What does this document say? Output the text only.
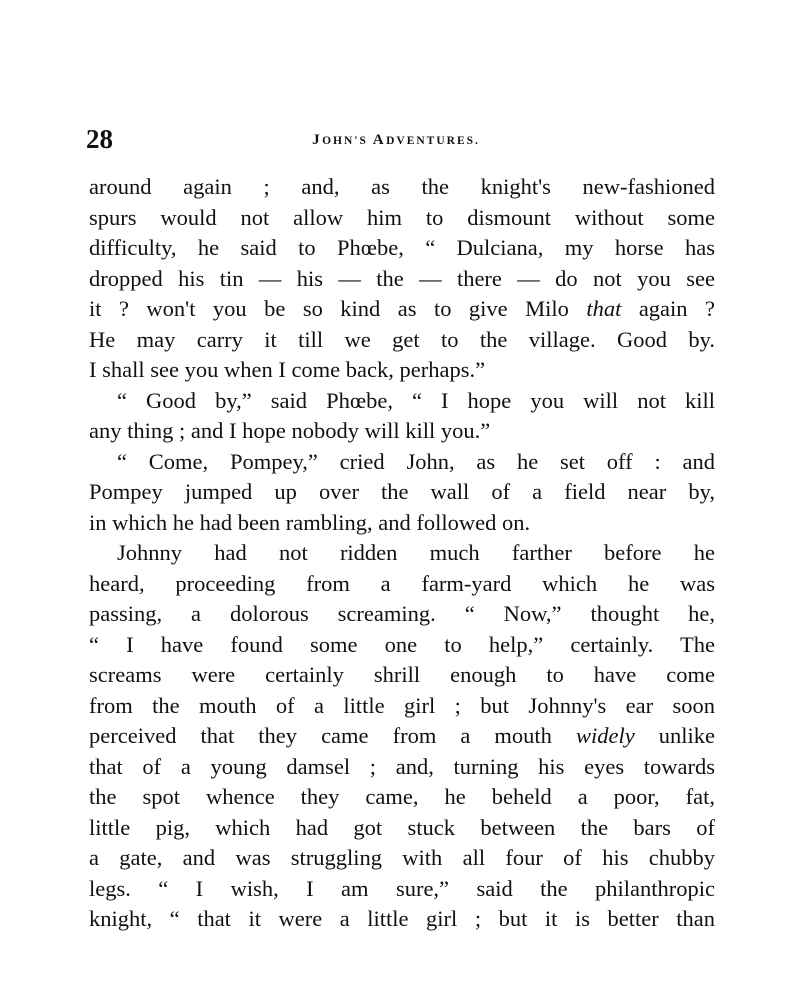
28	JOHN'S ADVENTURES.
around again ; and, as the knight's new-fashioned
spurs would not allow him to dismount without some
difficulty, he said to Phœbe, “ Dulciana, my horse has
dropped his tin — his — the — there — do not you see
it ? won't you be so kind as to give Milo that again ?
He may carry it till we get to the village. Good by.
I shall see you when I come back, perhaps.”
“ Good by,” said Phœbe, “ I hope you will not kill
any thing ; and I hope nobody will kill you.”
“ Come, Pompey,” cried John, as he set off : and
Pompey jumped up over the wall of a field near by,
in which he had been rambling, and followed on.
Johnny had not ridden much farther before he
heard, proceeding from a farm-yard which he was
passing, a dolorous screaming. “ Now,” thought he,
“ I have found some one to help,” certainly. The
screams were certainly shrill enough to have come
from the mouth of a little girl ; but Johnny's ear soon
perceived that they came from a mouth widely unlike
that of a young damsel ; and, turning his eyes towards
the spot whence they came, he beheld a poor, fat,
little pig, which had got stuck between the bars of
a gate, and was struggling with all four of his chubby
legs. “ I wish, I am sure,” said the philanthropic
knight, “ that it were a little girl ; but it is better than
